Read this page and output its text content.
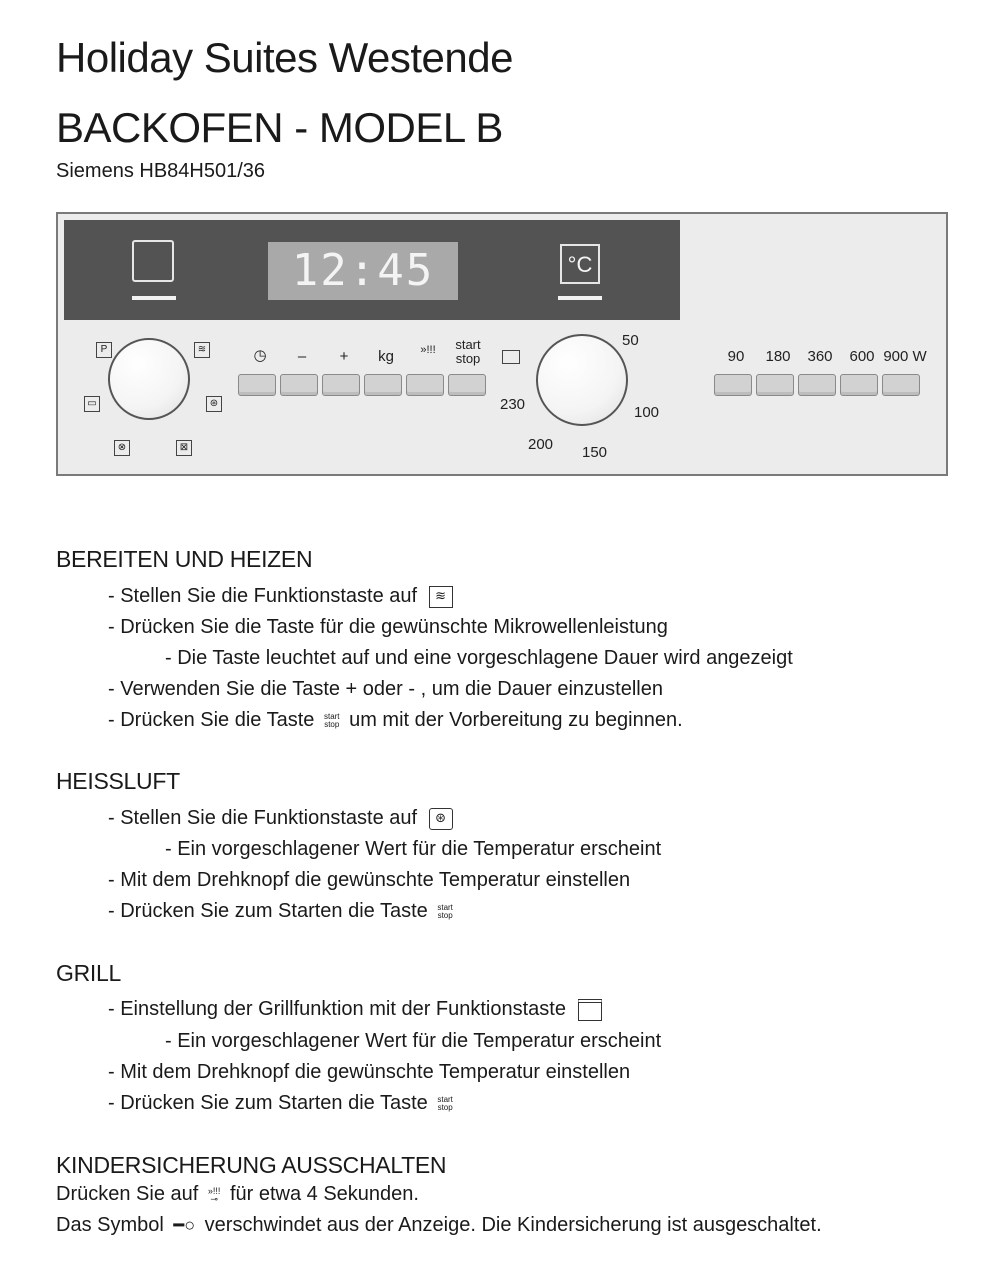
Holiday Suites Westende
BACKOFEN - MODEL B
Siemens HB84H501/36
12:45	°C
P	≋
▭	⊛
⊗	⊠
◷	–	+	kg	»!!!	start
stop
50
100
150
200
230
90	180	360	600 900 W
BEREITEN UND HEIZEN
- Stellen Sie die Funktionstaste auf ≋
- Drücken Sie die Taste für die gewünschte Mikrowellenleistung
- Die Taste leuchtet auf und eine vorgeschlagene Dauer wird angezeigt
- Verwenden Sie die Taste + oder - , um die Dauer einzustellen
- Drücken Sie die Taste start
stop um mit der Vorbereitung zu beginnen.
HEISSLUFT
- Stellen Sie die Funktionstaste auf ⊛
- Ein vorgeschlagener Wert für die Temperatur erscheint
- Mit dem Drehknopf die gewünschte Temperatur einstellen
- Drücken Sie zum Starten die Taste start
stop
GRILL
- Einstellung der Grillfunktion mit der Funktionstaste
- Ein vorgeschlagener Wert für die Temperatur erscheint
- Mit dem Drehknopf die gewünschte Temperatur einstellen
- Drücken Sie zum Starten die Taste start
stop
KINDERSICHERUNG AUSSCHALTEN
Drücken Sie auf »!!!
⊸ für etwa 4 Sekunden.
Das Symbol ━○ verschwindet aus der Anzeige. Die Kindersicherung ist ausgeschaltet.
